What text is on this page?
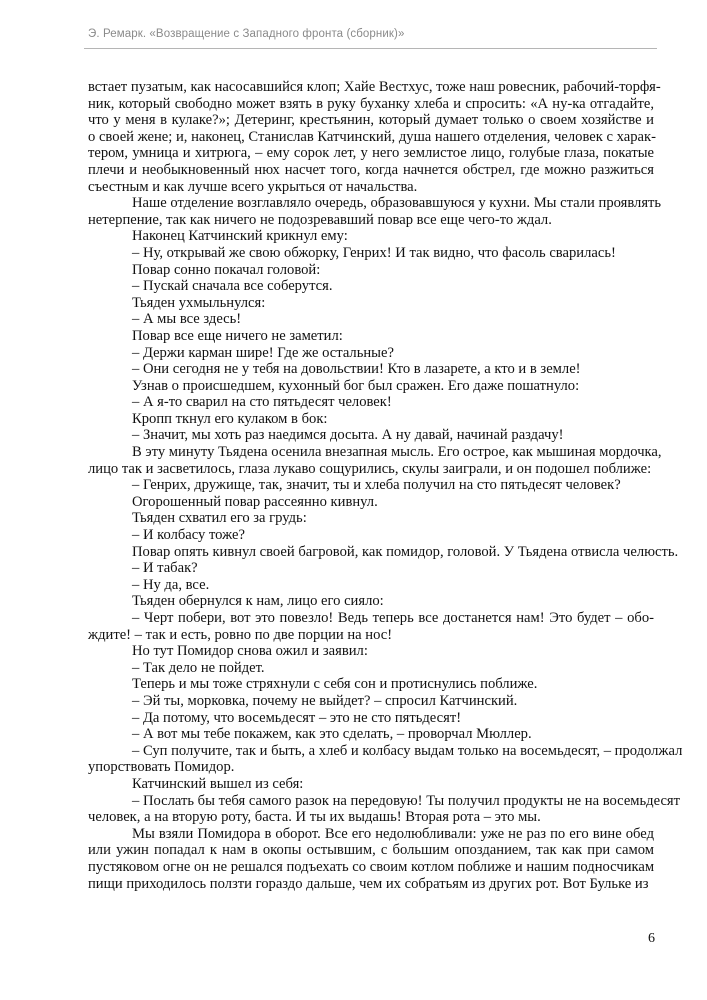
Э. Ремарк. «Возвращение с Западного фронта (сборник)»

встает пузатым, как насосавшийся клоп; Хайе Вестхус, тоже наш ровесник, рабочий-торфя-
ник, который свободно может взять в руку буханку хлеба и спросить: «А ну-ка отгадайте,
что у меня в кулаке?»; Детеринг, крестьянин, который думает только о своем хозяйстве и
о своей жене; и, наконец, Станислав Катчинский, душа нашего отделения, человек с харак-
тером, умница и хитрюга, – ему сорок лет, у него землистое лицо, голубые глаза, покатые
плечи и необыкновенный нюх насчет того, когда начнется обстрел, где можно разжиться
съестным и как лучше всего укрыться от начальства.

Наше отделение возглавляло очередь, образовавшуюся у кухни. Мы стали проявлять
нетерпение, так как ничего не подозревавший повар все еще чего-то ждал.

Наконец Катчинский крикнул ему:

– Ну, открывай же свою обжорку, Генрих! И так видно, что фасоль сварилась!

Повар сонно покачал головой:

– Пускай сначала все соберутся.

Тьяден ухмыльнулся:

– А мы все здесь!

Повар все еще ничего не заметил:

– Держи карман шире! Где же остальные?

– Они сегодня не у тебя на довольствии! Кто в лазарете, а кто и в земле!

Узнав о происшедшем, кухонный бог был сражен. Его даже пошатнуло:

– А я-то сварил на сто пятьдесят человек!

Кропп ткнул его кулаком в бок:

– Значит, мы хоть раз наедимся досыта. А ну давай, начинай раздачу!

В эту минуту Тьядена осенила внезапная мысль. Его острое, как мышиная мордочка,
лицо так и засветилось, глаза лукаво сощурились, скулы заиграли, и он подошел поближе:

– Генрих, дружище, так, значит, ты и хлеба получил на сто пятьдесят человек?

Огорошенный повар рассеянно кивнул.

Тьяден схватил его за грудь:

– И колбасу тоже?

Повар опять кивнул своей багровой, как помидор, головой. У Тьядена отвисла челюсть.

– И табак?

– Ну да, все.

Тьяден обернулся к нам, лицо его сияло:

– Черт побери, вот это повезло! Ведь теперь все достанется нам! Это будет – обо-
ждите! – так и есть, ровно по две порции на нос!

Но тут Помидор снова ожил и заявил:

– Так дело не пойдет.

Теперь и мы тоже стряхнули с себя сон и протиснулись поближе.

– Эй ты, морковка, почему не выйдет? – спросил Катчинский.

– Да потому, что восемьдесят – это не сто пятьдесят!

– А вот мы тебе покажем, как это сделать, – проворчал Мюллер.

– Суп получите, так и быть, а хлеб и колбасу выдам только на восемьдесят, – продолжал
упорствовать Помидор.

Катчинский вышел из себя:

– Послать бы тебя самого разок на передовую! Ты получил продукты не на восемьдесят
человек, а на вторую роту, баста. И ты их выдашь! Вторая рота – это мы.

Мы взяли Помидора в оборот. Все его недолюбливали: уже не раз по его вине обед
или ужин попадал к нам в окопы остывшим, с большим опозданием, так как при самом
пустяковом огне он не решался подъехать со своим котлом поближе и нашим подносчикам
пищи приходилось ползти гораздо дальше, чем их собратьям из других рот. Вот Бульке из

6
